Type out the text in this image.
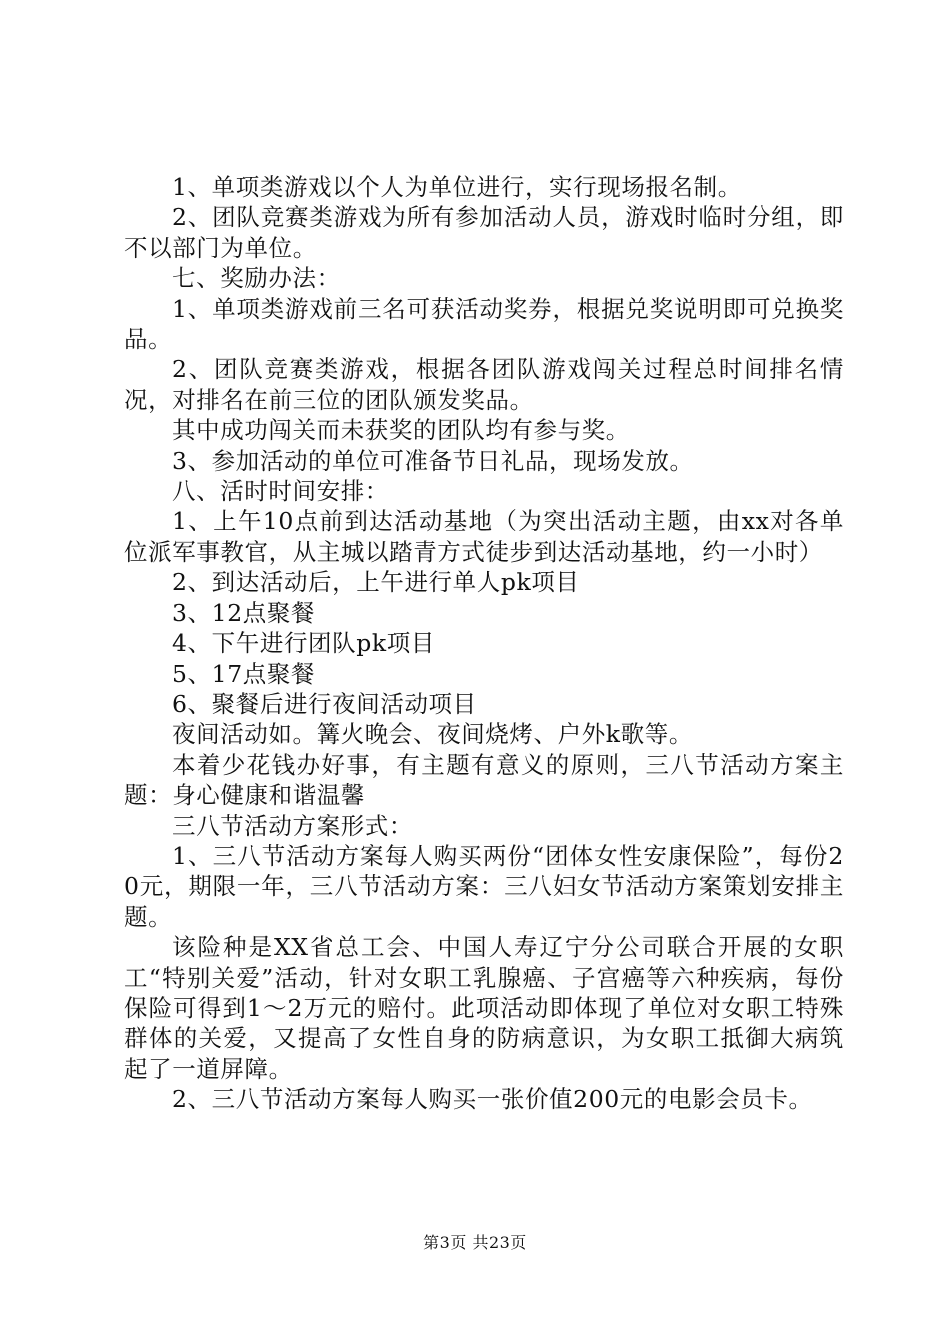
1、单项类游戏以个人为单位进行，实行现场报名制。

2、团队竞赛类游戏为所有参加活动人员，游戏时临时分组，即不以部门为单位。

七、奖励办法：

1、单项类游戏前三名可获活动奖券，根据兑奖说明即可兑换奖品。

2、团队竞赛类游戏，根据各团队游戏闯关过程总时间排名情况，对排名在前三位的团队颁发奖品。

其中成功闯关而未获奖的团队均有参与奖。

3、参加活动的单位可准备节日礼品，现场发放。

八、活时时间安排：

1、上午10点前到达活动基地（为突出活动主题，由xx对各单位派军事教官，从主城以踏青方式徒步到达活动基地，约一小时）

2、到达活动后，上午进行单人pk项目

3、12点聚餐

4、下午进行团队pk项目

5、17点聚餐

6、聚餐后进行夜间活动项目

夜间活动如。篝火晚会、夜间烧烤、户外k歌等。

本着少花钱办好事，有主题有意义的原则，三八节活动方案主题：身心健康和谐温馨

三八节活动方案形式：

1、三八节活动方案每人购买两份“团体女性安康保险”，每份20元，期限一年，三八节活动方案：三八妇女节活动方案策划安排主题。

该险种是XX省总工会、中国人寿辽宁分公司联合开展的女职工“特别关爱”活动，针对女职工乳腺癌、子宫癌等六种疾病，每份保险可得到1～2万元的赔付。此项活动即体现了单位对女职工特殊群体的关爱，又提高了女性自身的防病意识，为女职工抵御大病筑起了一道屏障。

2、三八节活动方案每人购买一张价值200元的电影会员卡。

第3页 共23页
